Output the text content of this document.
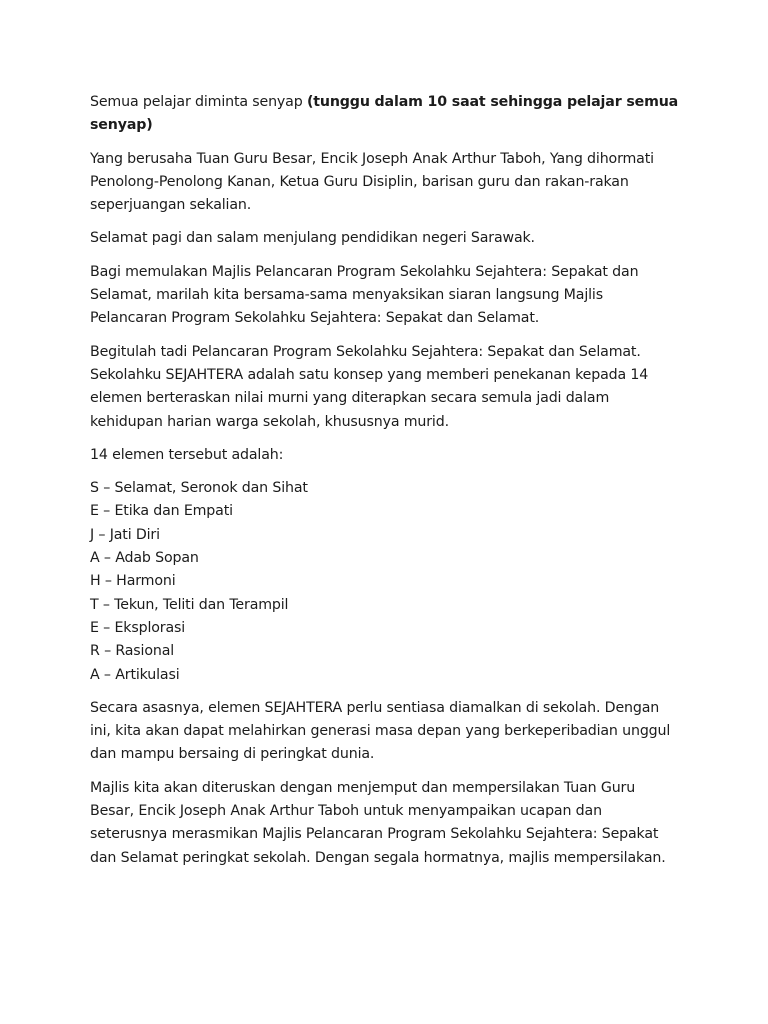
Semua pelajar diminta senyap (tunggu dalam 10 saat sehingga pelajar semua senyap)

Yang berusaha Tuan Guru Besar, Encik Joseph Anak Arthur Taboh, Yang dihormati Penolong-Penolong Kanan, Ketua Guru Disiplin, barisan guru dan rakan-rakan seperjuangan sekalian.

Selamat pagi dan salam menjulang pendidikan negeri Sarawak.

Bagi memulakan Majlis Pelancaran Program Sekolahku Sejahtera: Sepakat dan Selamat, marilah kita bersama-sama menyaksikan siaran langsung Majlis Pelancaran Program Sekolahku Sejahtera: Sepakat dan Selamat.

Begitulah tadi Pelancaran Program Sekolahku Sejahtera: Sepakat dan Selamat. Sekolahku SEJAHTERA adalah satu konsep yang memberi penekanan kepada 14 elemen berteraskan nilai murni yang diterapkan secara semula jadi dalam kehidupan harian warga sekolah, khususnya murid.

14 elemen tersebut adalah:

S – Selamat, Seronok dan Sihat
E – Etika dan Empati
J – Jati Diri
A – Adab Sopan
H – Harmoni
T – Tekun, Teliti dan Terampil
E – Eksplorasi
R – Rasional
A – Artikulasi

Secara asasnya, elemen SEJAHTERA perlu sentiasa diamalkan di sekolah. Dengan ini, kita akan dapat melahirkan generasi masa depan yang berkeperibadian unggul dan mampu bersaing di peringkat dunia.

Majlis kita akan diteruskan dengan menjemput dan mempersilakan Tuan Guru Besar, Encik Joseph Anak Arthur Taboh untuk menyampaikan ucapan dan seterusnya merasmikan Majlis Pelancaran Program Sekolahku Sejahtera: Sepakat dan Selamat peringkat sekolah. Dengan segala hormatnya, majlis mempersilakan.
